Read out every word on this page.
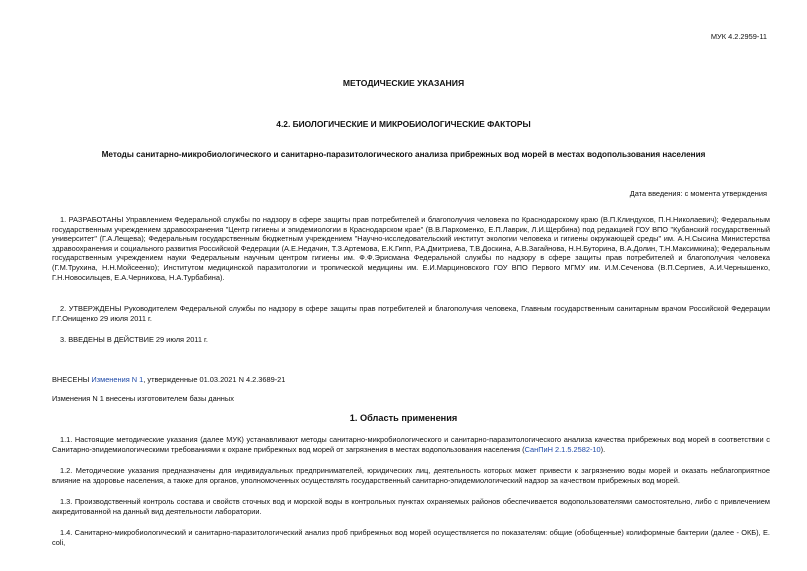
МУК 4.2.2959-11
МЕТОДИЧЕСКИЕ УКАЗАНИЯ
4.2. БИОЛОГИЧЕСКИЕ И МИКРОБИОЛОГИЧЕСКИЕ ФАКТОРЫ
Методы санитарно-микробиологического и санитарно-паразитологического анализа прибрежных вод морей в местах водопользования населения
Дата введения: с момента утверждения
1. РАЗРАБОТАНЫ Управлением Федеральной службы по надзору в сфере защиты прав потребителей и благополучия человека по Краснодарскому краю (В.П.Клиндухов, П.Н.Николаевич); Федеральным государственным учреждением здравоохранения "Центр гигиены и эпидемиологии в Краснодарском крае" (В.В.Пархоменко, Е.П.Лаврик, Л.И.Щербина) под редакцией ГОУ ВПО "Кубанский государственный университет" (Г.А.Лещева); Федеральным государственным бюджетным учреждением "Научно-исследовательский институт экологии человека и гигиены окружающей среды" им. А.Н.Сысина Министерства здравоохранения и социального развития Российской Федерации (А.Е.Недачин, Т.З.Артемова, Е.К.Гипп, Р.А.Дмитриева, Т.В.Доскина, А.В.Загайнова, Н.Н.Буторина, В.А.Долин, Т.Н.Максимкина); Федеральным государственным учреждением науки Федеральным научным центром гигиены им. Ф.Ф.Эрисмана Федеральной службы по надзору в сфере защиты прав потребителей и благополучия человека (Г.М.Трухина, Н.Н.Мойсеенко); Институтом медицинской паразитологии и тропической медицины им. Е.И.Марциновского ГОУ ВПО Первого МГМУ им. И.М.Сеченова (В.П.Сергиев, А.И.Чернышенко, Г.Н.Новосильцев, Е.А.Черникова, Н.А.Турбабина).
2. УТВЕРЖДЕНЫ Руководителем Федеральной службы по надзору в сфере защиты прав потребителей и благополучия человека, Главным государственным санитарным врачом Российской Федерации Г.Г.Онищенко 29 июля 2011 г.
3. ВВЕДЕНЫ В ДЕЙСТВИЕ 29 июля 2011 г.
ВНЕСЕНЫ Изменения N 1, утвержденные 01.03.2021 N 4.2.3689-21
Изменения N 1 внесены изготовителем базы данных
1. Область применения
1.1. Настоящие методические указания (далее МУК) устанавливают методы санитарно-микробиологического и санитарно-паразитологического анализа качества прибрежных вод морей в соответствии с Санитарно-эпидемиологическими требованиями к охране прибрежных вод морей от загрязнения в местах водопользования населения (СанПиН 2.1.5.2582-10).
1.2. Методические указания предназначены для индивидуальных предпринимателей, юридических лиц, деятельность которых может привести к загрязнению воды морей и оказать неблагоприятное влияние на здоровье населения, а также для органов, уполномоченных осуществлять государственный санитарно-эпидемиологический надзор за качеством прибрежных вод морей.
1.3. Производственный контроль состава и свойств сточных вод и морской воды в контрольных пунктах охраняемых районов обеспечивается водопользователями самостоятельно, либо с привлечением аккредитованной на данный вид деятельности лаборатории.
1.4. Санитарно-микробиологический и санитарно-паразитологический анализ проб прибрежных вод морей осуществляется по показателям: общие (обобщенные) колиформные бактерии (далее - ОКБ), E. coli,
